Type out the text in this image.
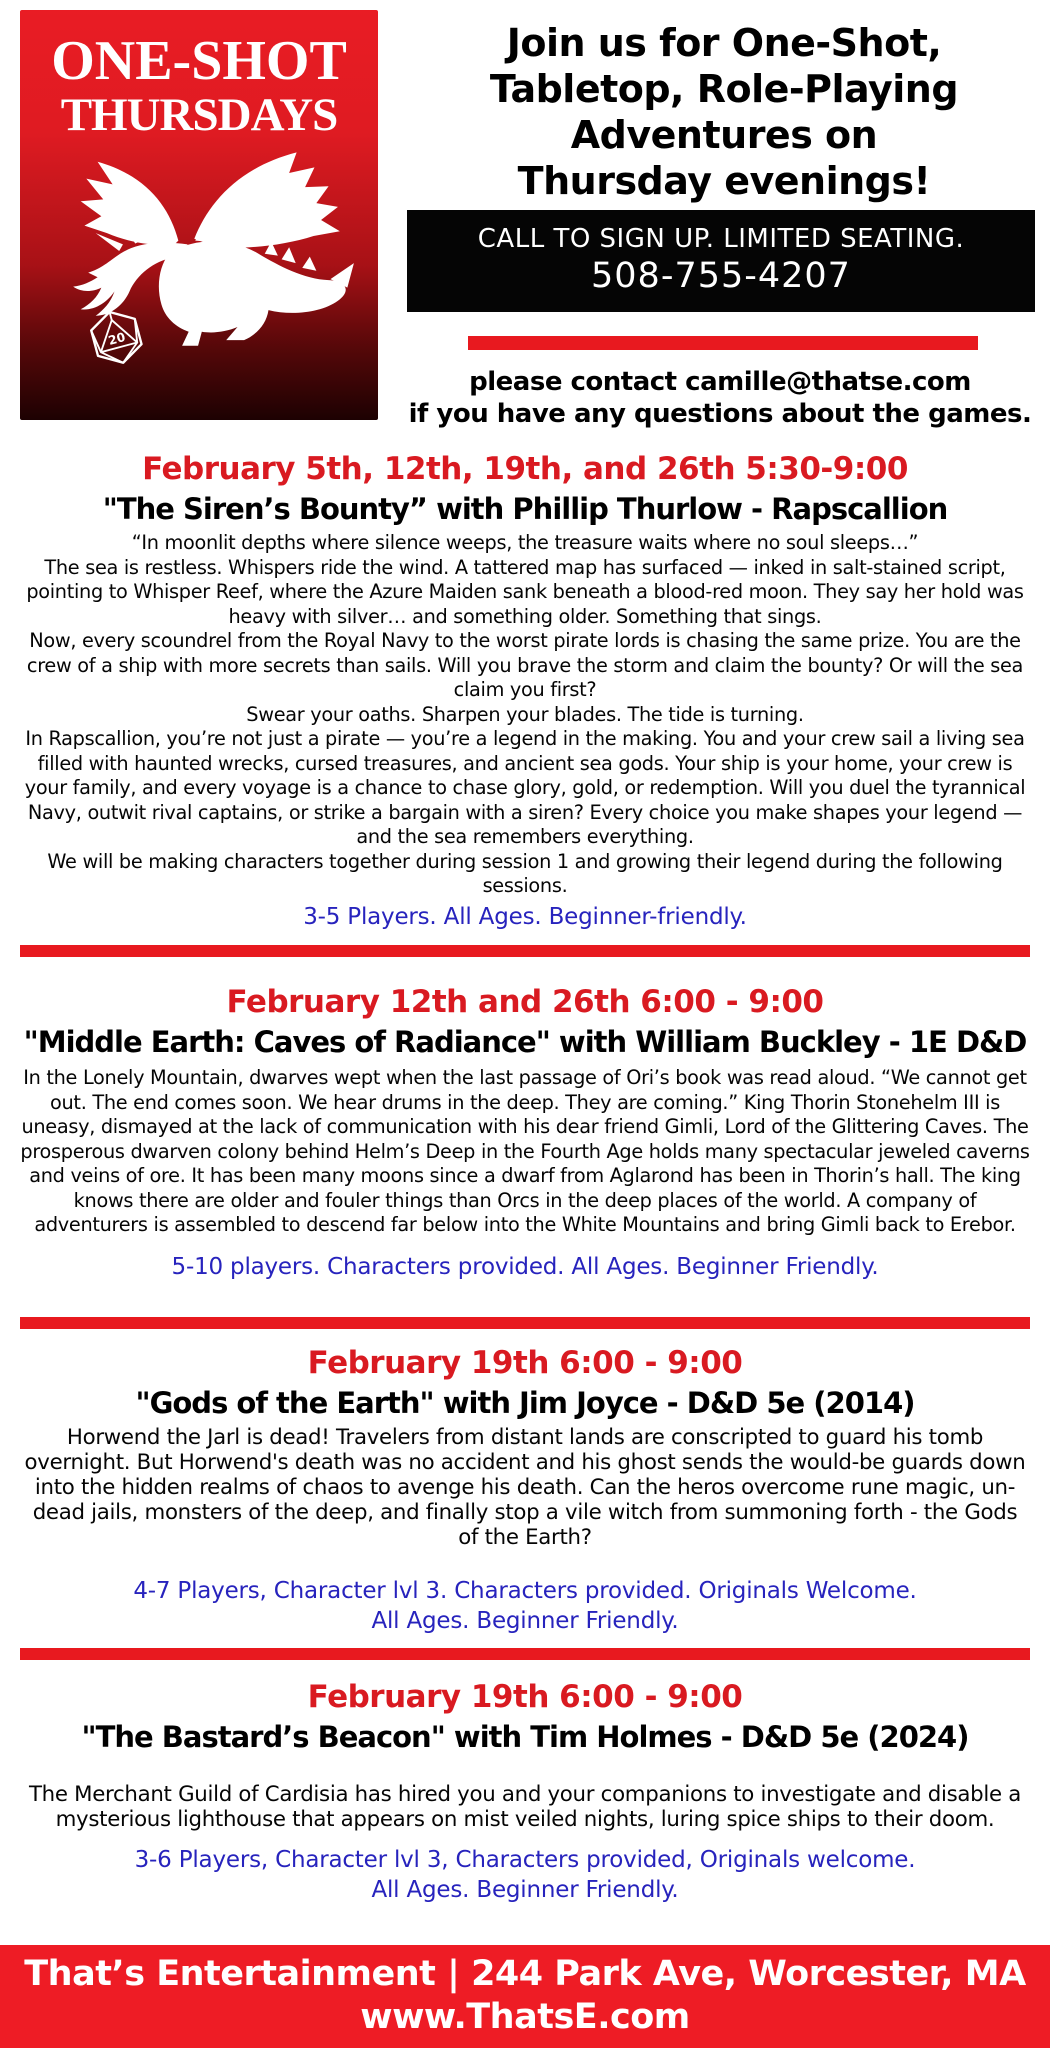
ONE-SHOT
THURSDAYS
20
Join us for One-Shot,
Tabletop, Role-Playing
Adventures on
Thursday evenings!
CALL TO SIGN UP. LIMITED SEATING.
508-755-4207
please contact camille@thatse.com
if you have any questions about the games.
February 5th, 12th, 19th, and 26th 5:30-9:00
"The Siren’s Bounty” with Phillip Thurlow - Rapscallion
“In moonlit depths where silence weeps, the treasure waits where no soul sleeps…”
The sea is restless. Whispers ride the wind. A tattered map has surfaced — inked in salt-stained script, pointing to Whisper Reef, where the Azure Maiden sank beneath a blood-red moon. They say her hold was heavy with silver… and something older. Something that sings.
Now, every scoundrel from the Royal Navy to the worst pirate lords is chasing the same prize. You are the crew of a ship with more secrets than sails. Will you brave the storm and claim the bounty? Or will the sea claim you first?
Swear your oaths. Sharpen your blades. The tide is turning.
In Rapscallion, you’re not just a pirate — you’re a legend in the making. You and your crew sail a living sea filled with haunted wrecks, cursed treasures, and ancient sea gods. Your ship is your home, your crew is your family, and every voyage is a chance to chase glory, gold, or redemption. Will you duel the tyrannical Navy, outwit rival captains, or strike a bargain with a siren? Every choice you make shapes your legend — and the sea remembers everything.
We will be making characters together during session 1 and growing their legend during the following sessions.
3-5 Players. All Ages. Beginner-friendly.
February 12th and 26th 6:00 - 9:00
"Middle Earth: Caves of Radiance" with William Buckley - 1E D&D
In the Lonely Mountain, dwarves wept when the last passage of Ori’s book was read aloud. “We cannot get out. The end comes soon. We hear drums in the deep. They are coming.” King Thorin Stonehelm III is uneasy, dismayed at the lack of communication with his dear friend Gimli, Lord of the Glittering Caves. The prosperous dwarven colony behind Helm’s Deep in the Fourth Age holds many spectacular jeweled caverns and veins of ore. It has been many moons since a dwarf from Aglarond has been in Thorin’s hall. The king knows there are older and fouler things than Orcs in the deep places of the world. A company of adventurers is assembled to descend far below into the White Mountains and bring Gimli back to Erebor.
5-10 players. Characters provided. All Ages. Beginner Friendly.
February 19th 6:00 - 9:00
"Gods of the Earth" with Jim Joyce - D&D 5e (2014)
Horwend the Jarl is dead! Travelers from distant lands are conscripted to guard his tomb overnight. But Horwend's death was no accident and his ghost sends the would-be guards down into the hidden realms of chaos to avenge his death. Can the heros overcome rune magic, un-dead jails, monsters of the deep, and finally stop a vile witch from summoning forth - the Gods of the Earth?
4-7 Players, Character lvl 3. Characters provided. Originals Welcome.
All Ages. Beginner Friendly.
February 19th 6:00 - 9:00
"The Bastard’s Beacon" with Tim Holmes - D&D 5e (2024)
The Merchant Guild of Cardisia has hired you and your companions to investigate and disable a mysterious lighthouse that appears on mist veiled nights, luring spice ships to their doom.
3-6 Players, Character lvl 3, Characters provided, Originals welcome.
All Ages. Beginner Friendly.
That’s Entertainment | 244 Park Ave, Worcester, MA
www.ThatsE.com
